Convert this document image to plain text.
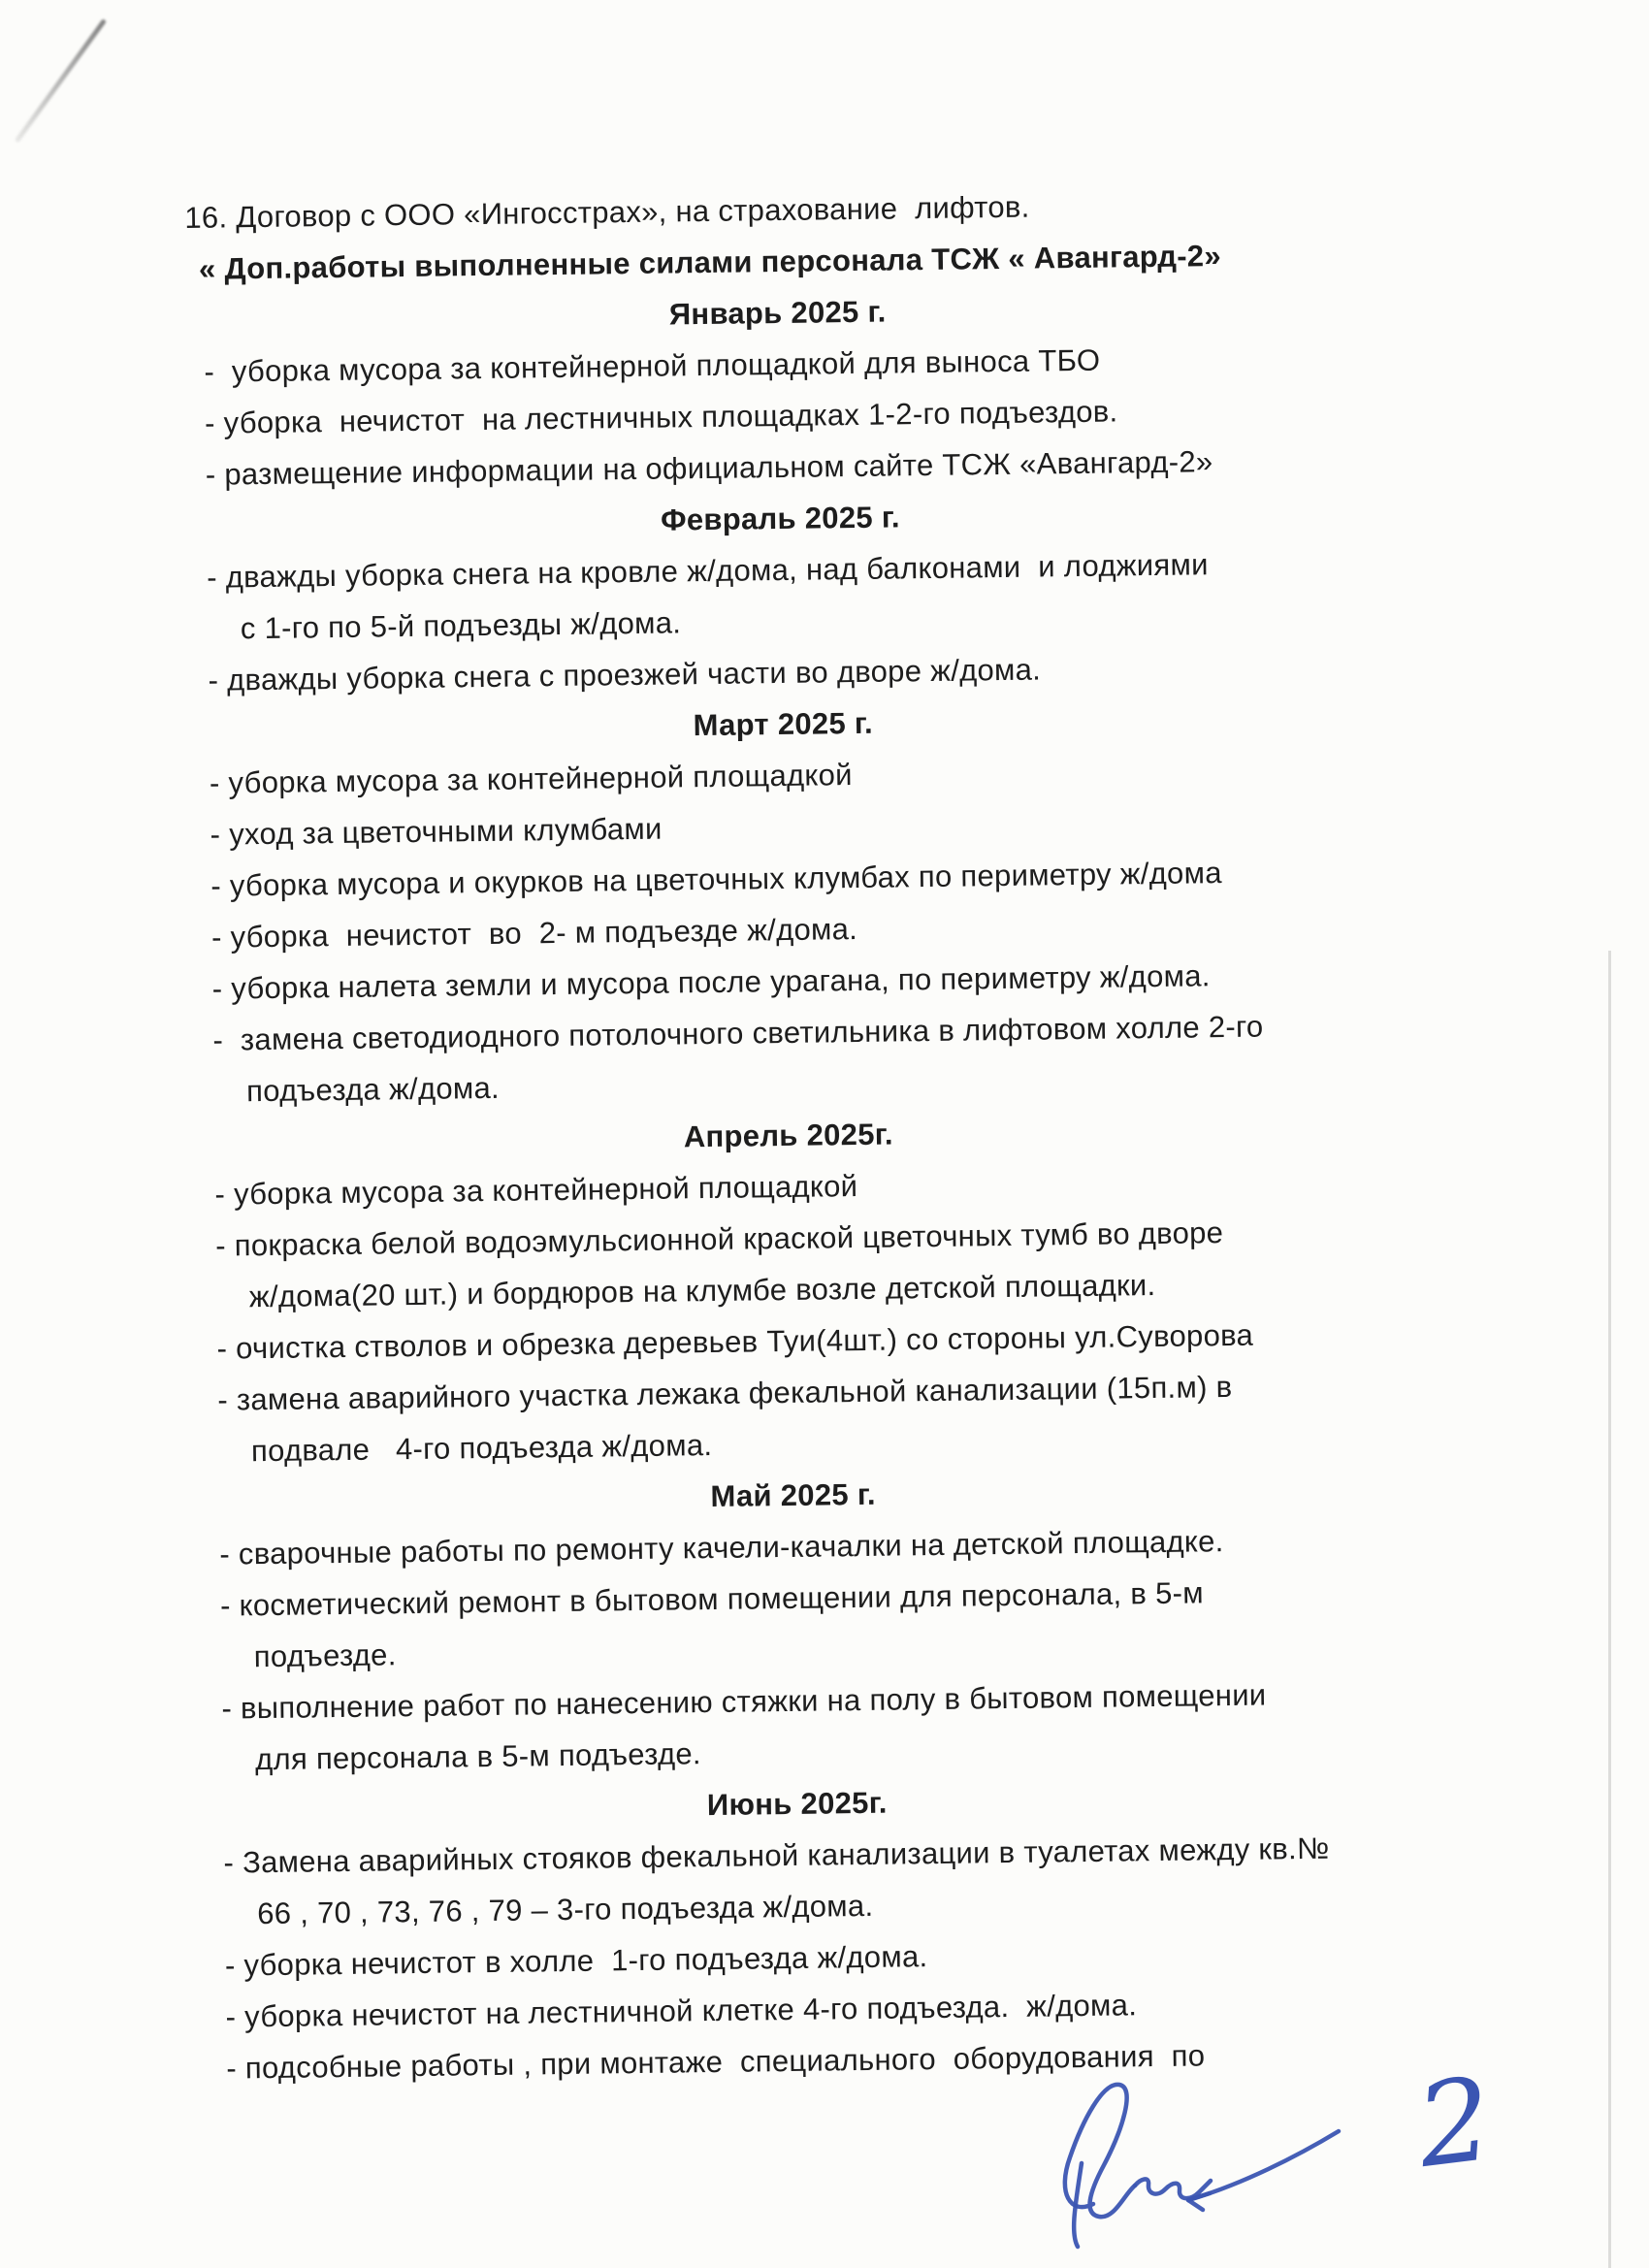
16. Договор с ООО «Ингосстрах», на страхование  лифтов.
« Доп.работы выполненные силами персонала ТСЖ « Авангард-2»
Январь 2025 г.
-  уборка мусора за контейнерной площадкой для выноса ТБО
- уборка  нечистот  на лестничных площадках 1-2-го подъездов.
- размещение информации на официальном сайте ТСЖ «Авангард-2»
Февраль 2025 г.
- дважды уборка снега на кровле ж/дома, над балконами  и лоджиями
с 1-го по 5-й подъезды ж/дома.
- дважды уборка снега с проезжей части во дворе ж/дома.
Март 2025 г.
- уборка мусора за контейнерной площадкой
- уход за цветочными клумбами
- уборка мусора и окурков на цветочных клумбах по периметру ж/дома
- уборка  нечистот  во  2- м подъезде ж/дома.
- уборка налета земли и мусора после урагана, по периметру ж/дома.
-  замена светодиодного потолочного светильника в лифтовом холле 2-го
подъезда ж/дома.
Апрель 2025г.
- уборка мусора за контейнерной площадкой
- покраска белой водоэмульсионной краской цветочных тумб во дворе
ж/дома(20 шт.) и бордюров на клумбе возле детской площадки.
- очистка стволов и обрезка деревьев Туи(4шт.) со стороны ул.Суворова
- замена аварийного участка лежака фекальной канализации (15п.м) в
подвале   4-го подъезда ж/дома.
Май 2025 г.
- сварочные работы по ремонту качели-качалки на детской площадке.
- косметический ремонт в бытовом помещении для персонала, в 5-м
подъезде.
- выполнение работ по нанесению стяжки на полу в бытовом помещении
для персонала в 5-м подъезде.
Июнь 2025г.
- Замена аварийных стояков фекальной канализации в туалетах между кв.№
66 , 70 , 73, 76 , 79 – 3-го подъезда ж/дома.
- уборка нечистот в холле  1-го подъезда ж/дома.
- уборка нечистот на лестничной клетке 4-го подъезда.  ж/дома.
- подсобные работы , при монтаже  специального  оборудования  по	2
